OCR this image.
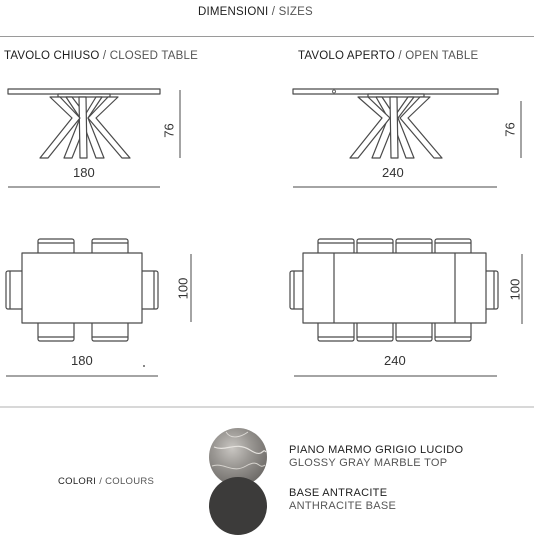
DIMENSIONI / SIZES
TAVOLO CHIUSO / CLOSED TABLE	TAVOLO APERTO / OPEN TABLE
180
76
240
76
100
180
100
240
COLORI / COLOURS
PIANO MARMO GRIGIO LUCIDO
GLOSSY GRAY MARBLE TOP
BASE ANTRACITE
ANTHRACITE BASE
